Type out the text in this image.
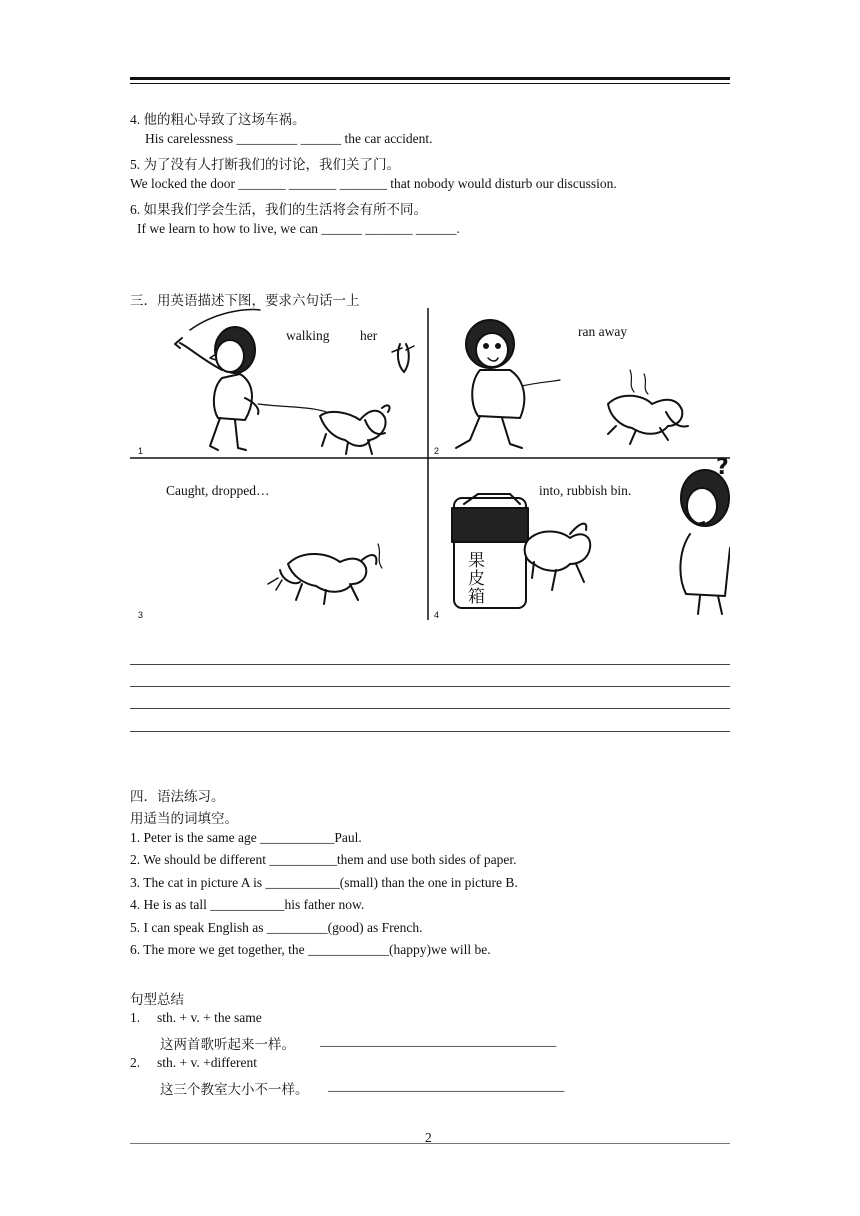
4. 他的粗心导致了这场车祸。
His carelessness _________ ______ the car accident.
5. 为了没有人打断我们的讨论，我们关了门。
We locked the door _______ _______ _______ that nobody would disturb our discussion.
6. 如果我们学会生活，我们的生活将会有所不同。
If we learn to how to live, we can ______ _______ ______.
三．用英语描述下图，要求六句话一上
果
皮
箱
?
walking her	ran away
Caught, dropped…	into, rubbish bin.
1	2
3	4
四．语法练习。
用适当的词填空。
1. Peter is the same age ___________Paul.
2. We should be different __________them and use both sides of paper.
3. The cat in picture A is ___________(small) than the one in picture B.
4. He is as tall ___________his father now.
5. I can speak English as _________(good) as French.
6. The more we get together, the ____________(happy)we will be.
句型总结
1. sth. + v. + the same
这两首歌听起来一样。 ___________________________________
2. sth. + v. +different
这三个教室大小不一样。 ___________________________________
2
